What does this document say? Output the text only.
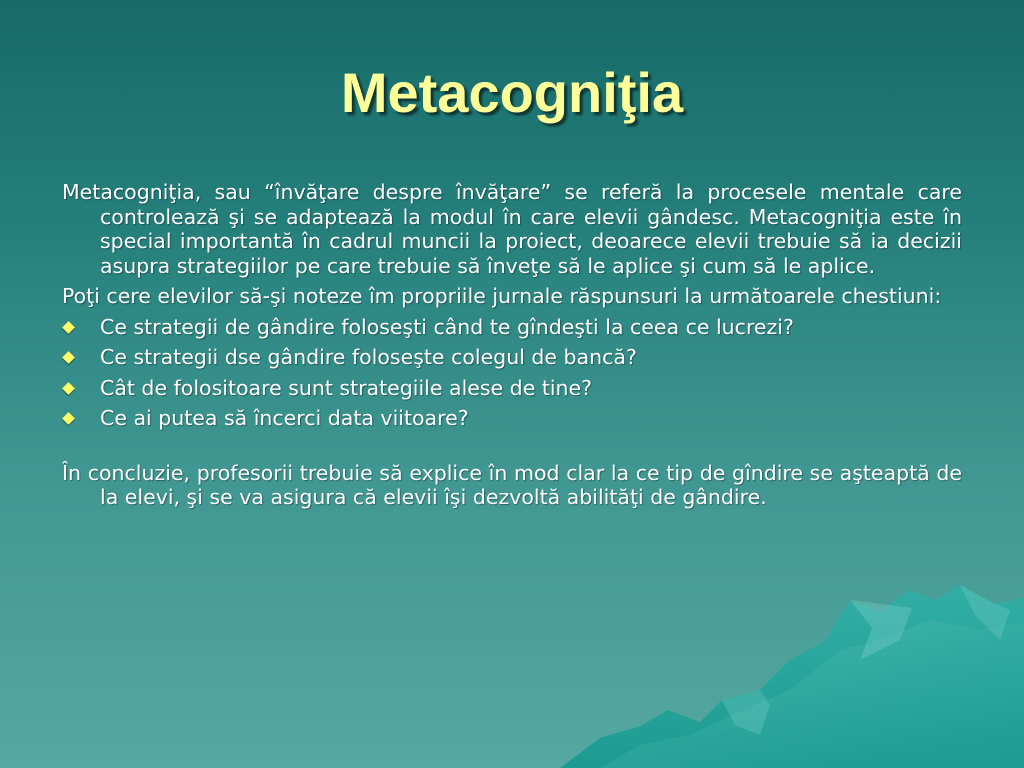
Metacogniţia

Metacogniţia, sau “învăţare despre învăţare” se referă la procesele mentale care controlează şi se adaptează la modul în care elevii gândesc. Metacogniţia este în special importantă în cadrul muncii la proiect, deoarece elevii trebuie să ia decizii asupra strategiilor pe care trebuie să înveţe să le aplice şi cum să le aplice.

Poţi cere elevilor să-şi noteze îm propriile jurnale răspunsuri la următoarele chestiuni:

Ce strategii de gândire foloseşti când te gîndeşti la ceea ce lucrezi?
Ce strategii dse gândire foloseşte colegul de bancă?
Cât de folositoare sunt strategiile alese de tine?
Ce ai putea să încerci data viitoare?

În concluzie, profesorii trebuie să explice în mod clar la ce tip de gîndire se aşteaptă de la elevi, şi se va asigura că elevii îşi dezvoltă abilităţi de gândire.
